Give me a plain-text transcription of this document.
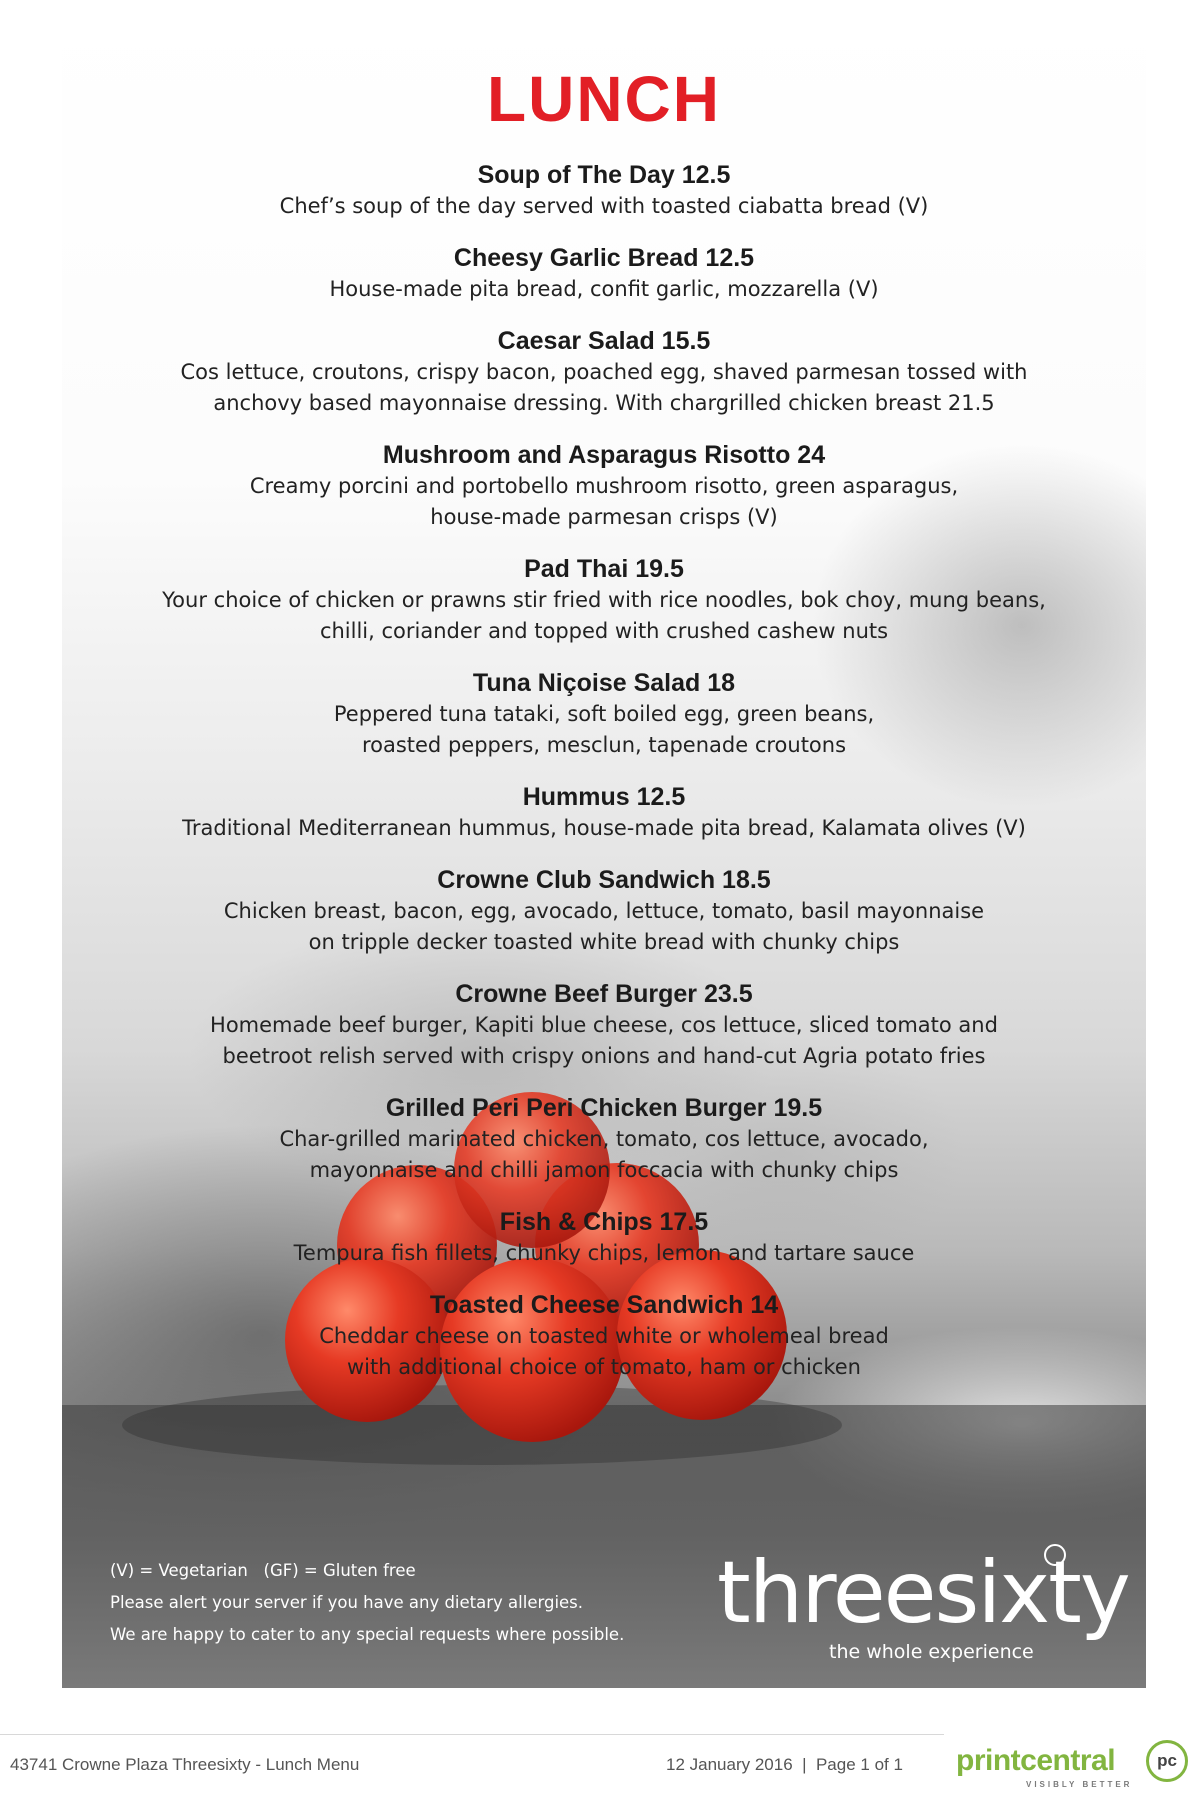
LUNCH
Soup of The Day 12.5
Chef’s soup of the day served with toasted ciabatta bread (V)
Cheesy Garlic Bread 12.5
House-made pita bread, confit garlic, mozzarella (V)
Caesar Salad 15.5
Cos lettuce, croutons, crispy bacon, poached egg, shaved parmesan tossed with
anchovy based mayonnaise dressing. With chargrilled chicken breast 21.5
Mushroom and Asparagus Risotto 24
Creamy porcini and portobello mushroom risotto, green asparagus,
house-made parmesan crisps (V)
Pad Thai 19.5
Your choice of chicken or prawns stir fried with rice noodles, bok choy, mung beans,
chilli, coriander and topped with crushed cashew nuts
Tuna Niçoise Salad 18
Peppered tuna tataki, soft boiled egg, green beans,
roasted peppers, mesclun, tapenade croutons
Hummus 12.5
Traditional Mediterranean hummus, house-made pita bread, Kalamata olives (V)
Crowne Club Sandwich 18.5
Chicken breast, bacon, egg, avocado, lettuce, tomato, basil mayonnaise
on tripple decker toasted white bread with chunky chips
Crowne Beef Burger 23.5
Homemade beef burger, Kapiti blue cheese, cos lettuce, sliced tomato and
beetroot relish served with crispy onions and hand-cut Agria potato fries
Grilled Peri Peri Chicken Burger 19.5
Char-grilled marinated chicken, tomato, cos lettuce, avocado,
mayonnaise and chilli jamon foccacia with chunky chips
Fish & Chips 17.5
Tempura fish fillets, chunky chips, lemon and tartare sauce
Toasted Cheese Sandwich 14
Cheddar cheese on toasted white or wholemeal bread
with additional choice of tomato, ham or chicken
(V) = Vegetarian   (GF) = Gluten free
Please alert your server if you have any dietary allergies.
We are happy to cater to any special requests where possible. threesixty
the whole experience
43741 Crowne Plaza Threesixty - Lunch Menu	12 January 2016  |  Page 1 of 1 printcentral
VISIBLY BETTER
pc
